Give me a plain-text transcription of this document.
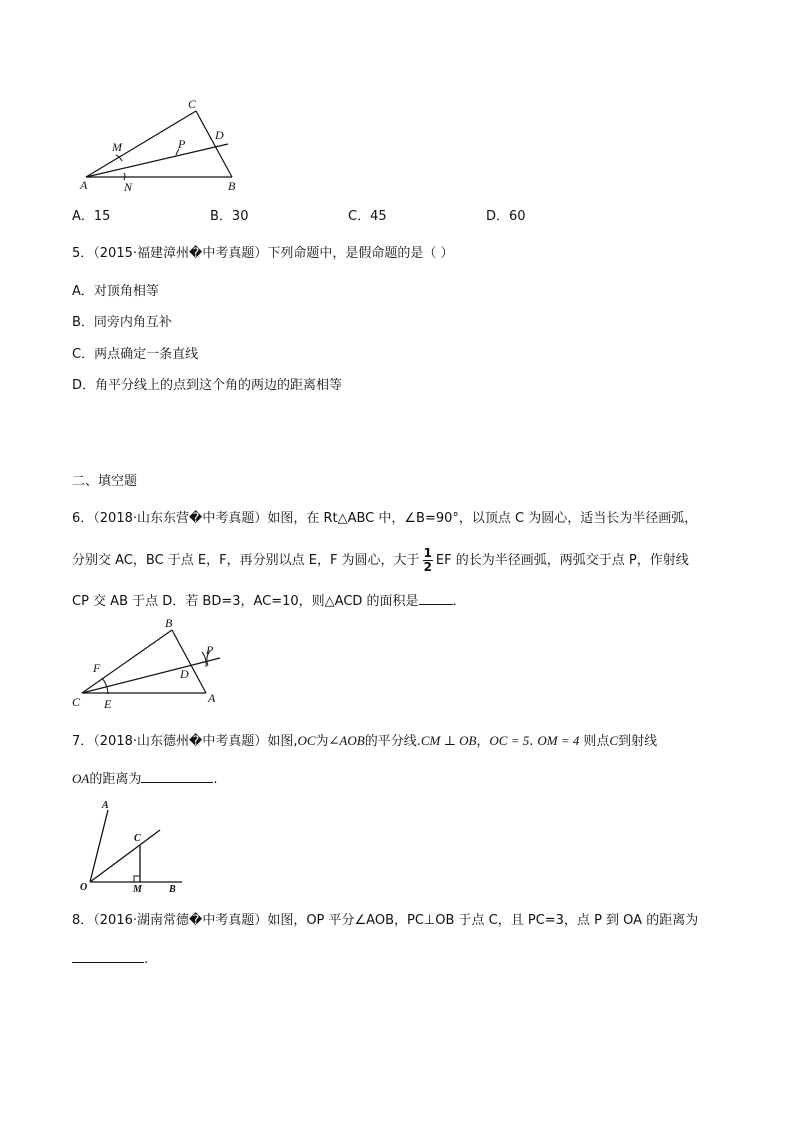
C
M	P
D
A	N	B
A．15	B．30	C．45	D．60
5．（2015·福建漳州�中考真题）下列命题中，是假命题的是（ ）
A．对顶角相等
B．同旁内角互补
C．两点确定一条直线
D．角平分线上的点到这个角的两边的距离相等
二、填空题
6．（2018·山东东营�中考真题）如图，在 Rt△ABC 中，∠B=90°，以顶点 C 为圆心，适当长为半径画弧，
分别交 AC，BC 于点 E，F，再分别以点 E，F 为圆心，大于 $\frac{1}{2}$ EF 的长为半径画弧，两弧交于点 P，作射线
CP 交 AB 于点 D．若 BD=3，AC=10，则△ACD 的面积是	．
B
P
F	D
C E	A
7．（2018·山东德州�中考真题）如图,OC为∠AOB的平分线.CM ⊥ OB，OC = 5. OM = 4 则点C到射线
OA的距离为	.
A
C
O	M	B
8．（2016·湖南常德�中考真题）如图，OP 平分∠AOB，PC⊥OB 于点 C，且 PC=3，点 P 到 OA 的距离为
.
